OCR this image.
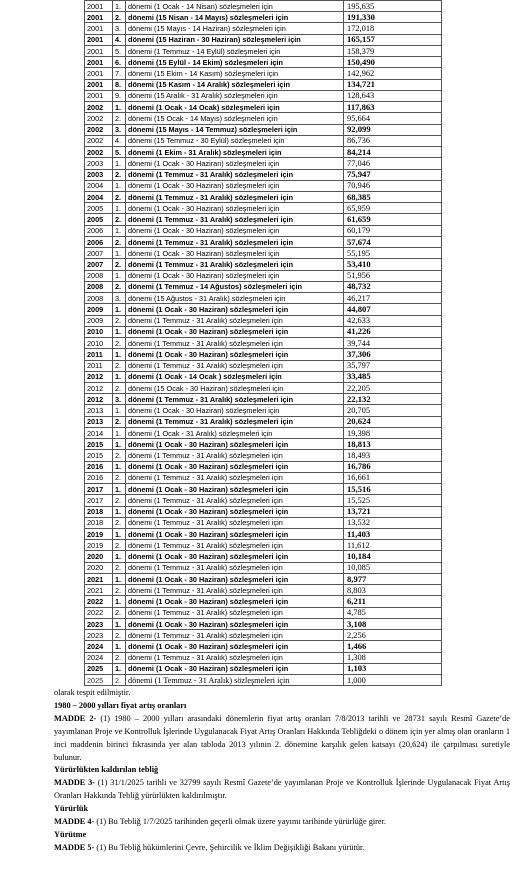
2001	1.	dönemi (1 Ocak - 14 Nisan) sözleşmeleri için	195,635
2001	2.	dönemi (15 Nisan - 14 Mayıs) sözleşmeleri için	191,330
2001	3.	dönemi (15 Mayıs - 14 Haziran) sözleşmeleri için	172,018
2001	4.	dönemi (15 Haziran - 30 Haziran) sözleşmeleri için	165,157
2001	5.	dönemi (1 Temmuz - 14 Eylül) sözleşmeleri için	158,379
2001	6.	dönemi (15 Eylül - 14 Ekim) sözleşmeleri için	150,490
2001	7.	dönemi (15 Ekim - 14 Kasım) sözleşmeleri için	142,962
2001	8.	dönemi (15 Kasım - 14 Aralık) sözleşmeleri için	134,721
2001	9.	dönemi (15 Aralık - 31 Aralık) sözleşmeleri için	128,643
2002	1.	dönemi (1 Ocak - 14 Ocak) sözleşmeleri için	117,863
2002	2.	dönemi (15 Ocak - 14 Mayıs) sözleşmeleri için	95,664
2002	3.	dönemi (15 Mayıs - 14 Temmuz) sözleşmeleri için	92,099
2002	4.	dönemi (15 Temmuz - 30 Eylül) sözleşmeleri için	86,736
2002	5.	dönemi (1 Ekim - 31 Aralık) sözleşmeleri için	84,214
2003	1.	dönemi (1 Ocak - 30 Haziran) sözleşmeleri için	77,046
2003	2.	dönemi (1 Temmuz - 31 Aralık) sözleşmeleri için	75,947
2004	1.	dönemi (1 Ocak - 30 Haziran) sözleşmeleri için	70,946
2004	2.	dönemi (1 Temmuz - 31 Aralık) sözleşmeleri için	68,385
2005	1.	dönemi (1 Ocak - 30 Haziran) sözleşmeleri için	65,959
2005	2.	dönemi (1 Temmuz - 31 Aralık) sözleşmeleri için	61,659
2006	1.	dönemi (1 Ocak - 30 Haziran) sözleşmeleri için	60,179
2006	2.	dönemi (1 Temmuz - 31 Aralık) sözleşmeleri için	57,674
2007	1.	dönemi (1 Ocak - 30 Haziran) sözleşmeleri için	55,195
2007	2.	dönemi (1 Temmuz - 31 Aralık) sözleşmeleri için	53,410
2008	1.	dönemi (1 Ocak - 30 Haziran) sözleşmeleri için	51,956
2008	2.	dönemi (1 Temmuz - 14 Ağustos) sözleşmeleri için	48,732
2008	3.	dönemi (15 Ağustos - 31 Aralık) sözleşmeleri için	46,217
2009	1.	dönemi (1 Ocak - 30 Haziran) sözleşmeleri için	44,807
2009	2.	dönemi (1 Temmuz - 31 Aralık) sözleşmeleri için	42,633
2010	1.	dönemi (1 Ocak - 30 Haziran) sözleşmeleri için	41,226
2010	2.	dönemi (1 Temmuz - 31 Aralık) sözleşmeleri için	39,744
2011	1.	dönemi (1 Ocak - 30 Haziran) sözleşmeleri için	37,306
2011	2.	dönemi (1 Temmuz - 31 Aralık) sözleşmeleri için	35,797
2012	1.	dönemi (1 Ocak - 14 Ocak ) sözleşmeleri için	33,485
2012	2.	dönemi (15 Ocak - 30 Haziran) sözleşmeleri için	22,205
2012	3.	dönemi (1 Temmuz - 31 Aralık) sözleşmeleri için	22,132
2013	1.	dönemi (1 Ocak - 30 Haziran) sözleşmeleri için	20,705
2013	2.	dönemi (1 Temmuz - 31 Aralık) sözleşmeleri için	20,624
2014	1.	dönemi (1 Ocak - 31 Aralık) sözleşmeleri için	19,398
2015	1.	dönemi (1 Ocak - 30 Haziran) sözleşmeleri için	18,813
2015	2.	dönemi (1 Temmuz - 31 Aralık) sözleşmeleri için	18,493
2016	1.	dönemi (1 Ocak - 30 Haziran) sözleşmeleri için	16,786
2016	2.	dönemi (1 Temmuz - 31 Aralık) sözleşmeleri için	16,661
2017	1.	dönemi (1 Ocak - 30 Haziran) sözleşmeleri için	15,516
2017	2.	dönemi (1 Temmuz - 31 Aralık) sözleşmeleri için	15,525
2018	1.	dönemi (1 Ocak - 30 Haziran) sözleşmeleri için	13,721
2018	2.	dönemi (1 Temmuz - 31 Aralık) sözleşmeleri için	13,532
2019	1.	dönemi (1 Ocak - 30 Haziran) sözleşmeleri için	11,403
2019	2.	dönemi (1 Temmuz - 31 Aralık) sözleşmeleri için	11,612
2020	1.	dönemi (1 Ocak - 30 Haziran) sözleşmeleri için	10,184
2020	2.	dönemi (1 Temmuz - 31 Aralık) sözleşmeleri için	10,085
2021	1.	dönemi (1 Ocak - 30 Haziran) sözleşmeleri için	8,977
2021	2.	dönemi (1 Temmuz - 31 Aralık) sözleşmeleri için	8,803
2022	1.	dönemi (1 Ocak - 30 Haziran) sözleşmeleri için	6,211
2022	2.	dönemi (1 Temmuz - 31 Aralık) sözleşmeleri için	4,785
2023	1.	dönemi (1 Ocak - 30 Haziran) sözleşmeleri için	3,108
2023	2.	dönemi (1 Temmuz - 31 Aralık) sözleşmeleri için	2,256
2024	1.	dönemi (1 Ocak - 30 Haziran) sözleşmeleri için	1,466
2024	2.	dönemi (1 Temmuz - 31 Aralık) sözleşmeleri için	1,308
2025	1.	dönemi (1 Ocak - 30 Haziran) sözleşmeleri için	1,103
2025	2.	dönemi (1 Temmuz - 31 Aralık) sözleşmeleri için	1,000

olarak tespit edilmiştir.

1980 – 2000 yılları fiyat artış oranları

MADDE 2- (1) 1980 – 2000 yılları arasındaki dönemlerin fiyat artış oranları 7/8/2013 tarihli ve 28731 sayılı Resmî Gazete’de yayımlanan Proje ve Kontrolluk İşlerinde Uygulanacak Fiyat Artış Oranları Hakkında Tebliğdeki o dönem için yer almış olan oranların 1 inci maddenin birinci fıkrasında yer alan tabloda 2013 yılının 2. dönemine karşılık gelen katsayı (20,624) ile çarpılması suretiyle bulunur.

Yürürlükten kaldırılan tebliğ

MADDE 3- (1) 31/1/2025 tarihli ve 32799 sayılı Resmî Gazete’de yayımlanan Proje ve Kontrolluk İşlerinde Uygulanacak Fiyat Artış Oranları Hakkında Tebliğ yürürlükten kaldırılmıştır.

Yürürlük

MADDE 4- (1) Bu Tebliğ 1/7/2025 tarihinden geçerli olmak üzere yayımı tarihinde yürürlüğe girer.

Yürütme

MADDE 5- (1) Bu Tebliğ hükümlerini Çevre, Şehircilik ve İklim Değişikliği Bakanı yürütür.
